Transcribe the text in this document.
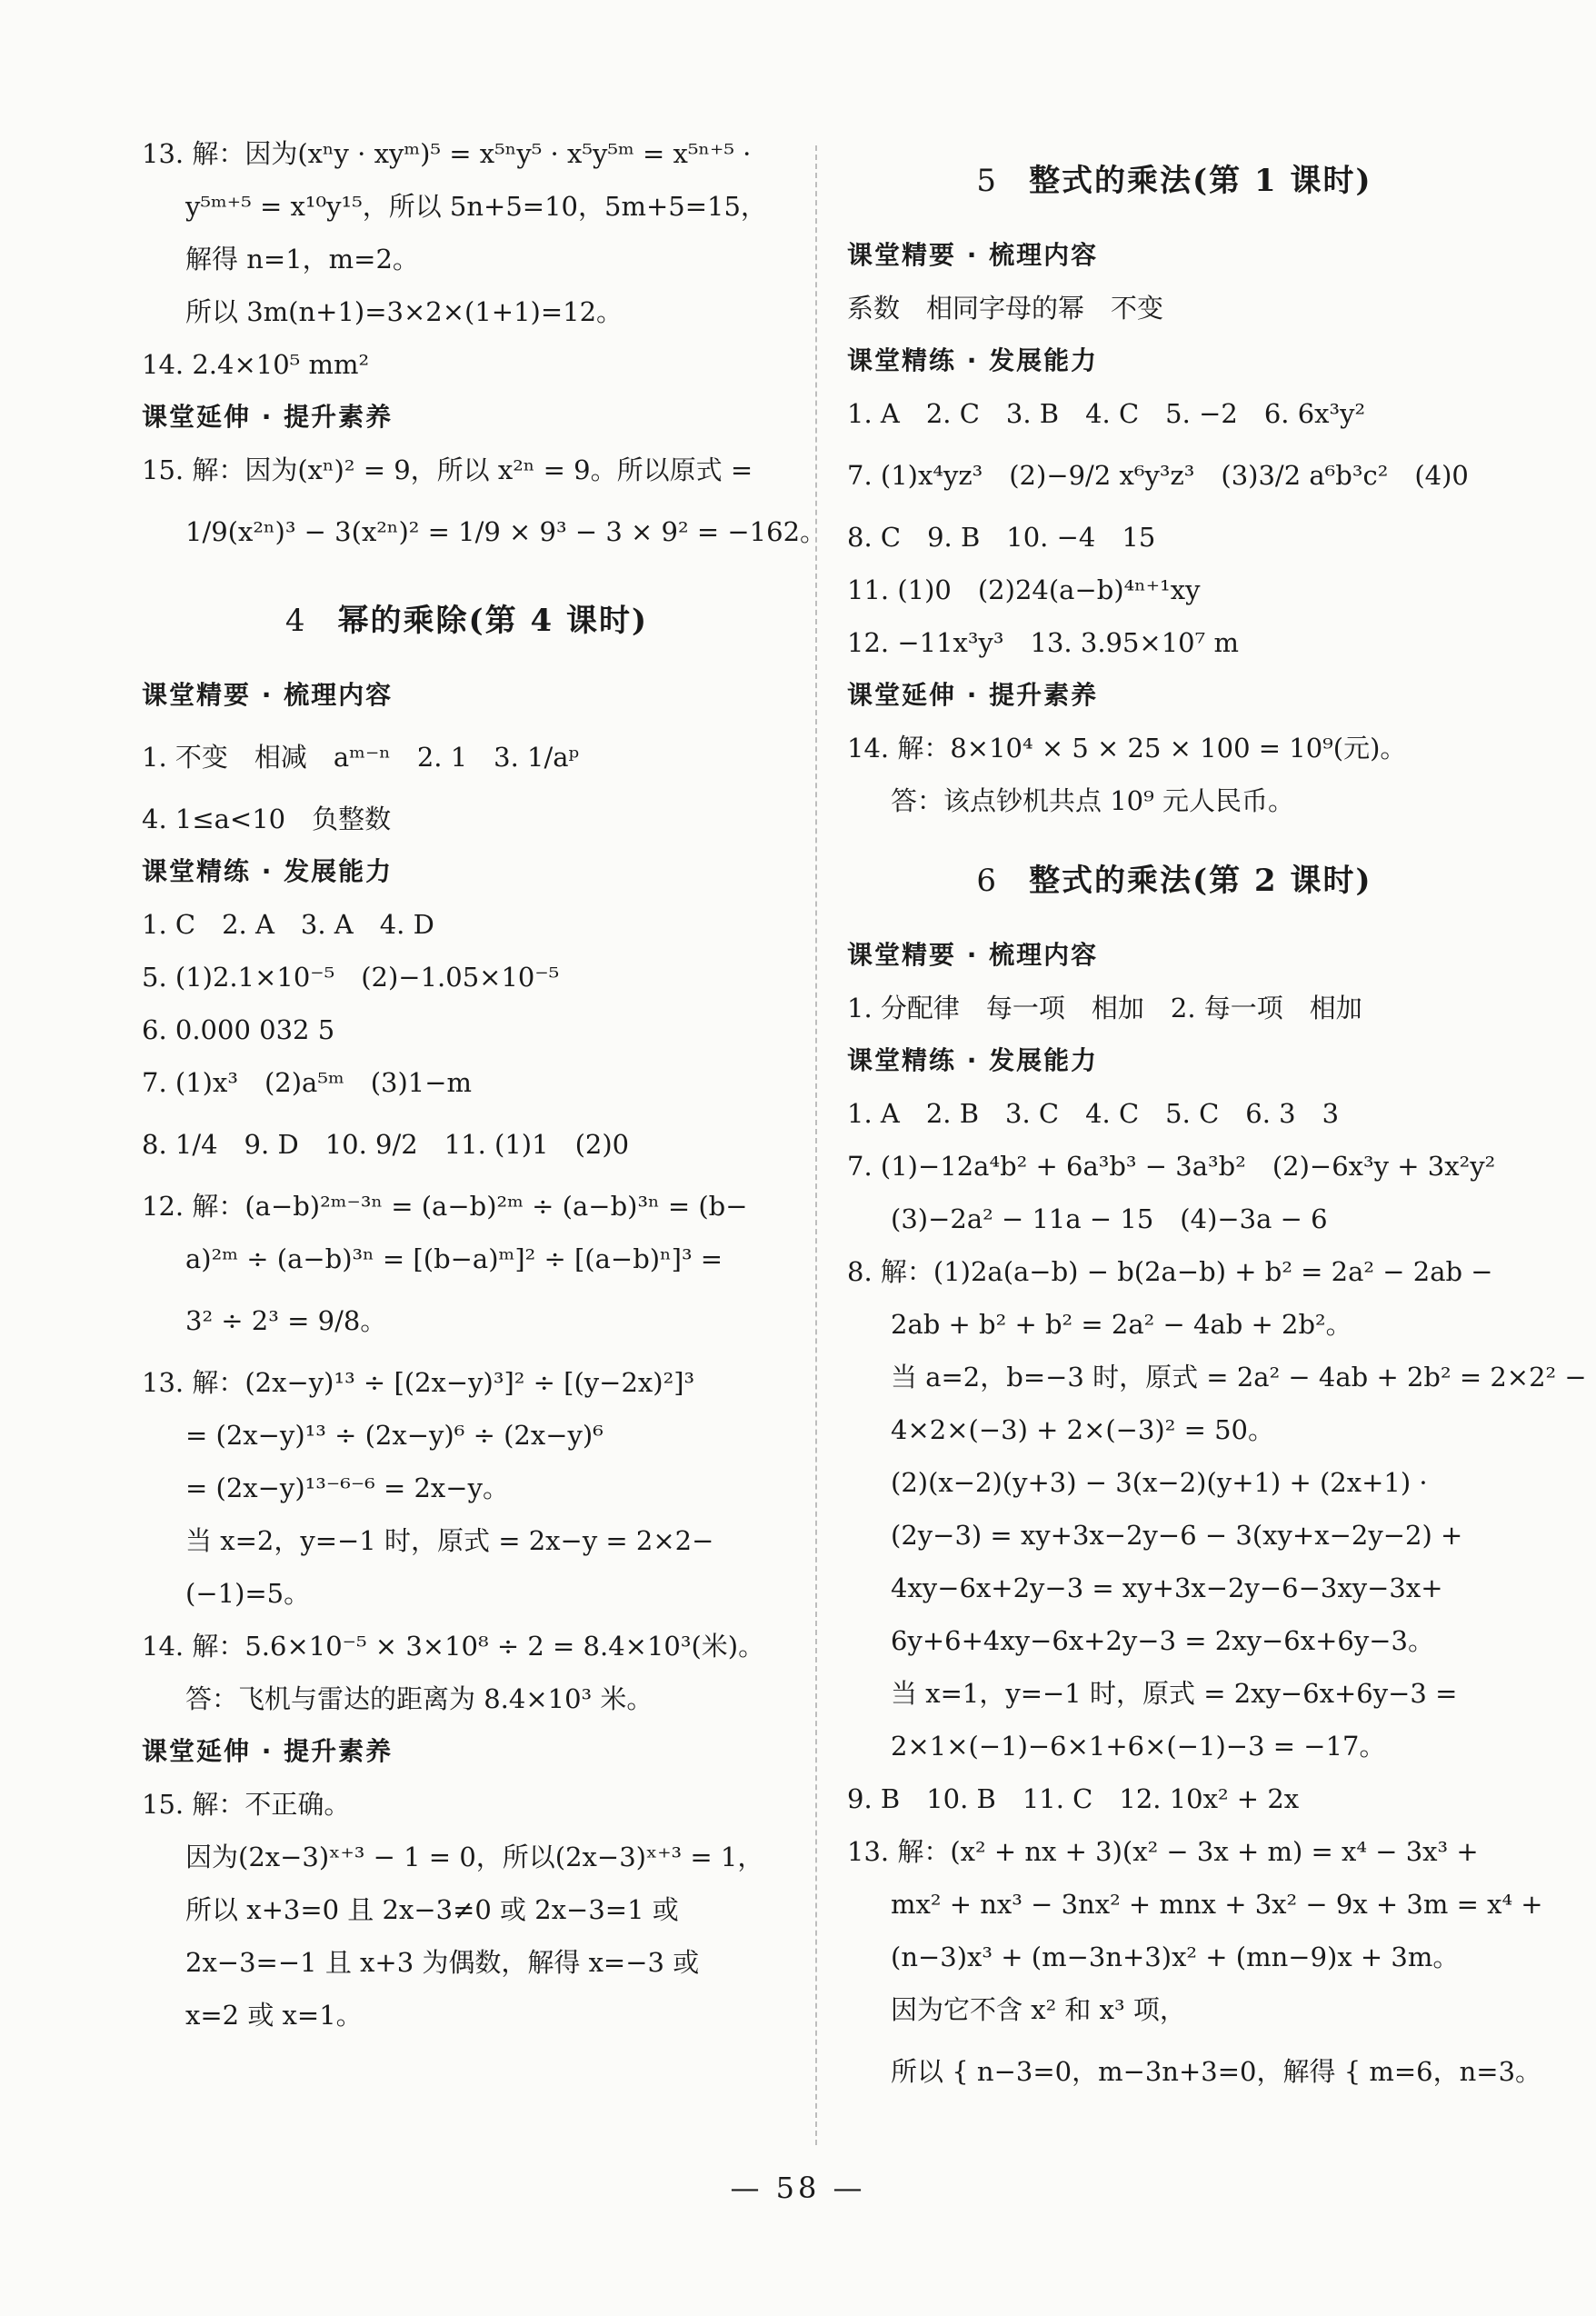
13. 解：因为(xⁿy · xyᵐ)⁵ = x⁵ⁿy⁵ · x⁵y⁵ᵐ = x⁵ⁿ⁺⁵ ·
y⁵ᵐ⁺⁵ = x¹⁰y¹⁵，所以 5n+5=10，5m+5=15，
解得 n=1，m=2。
所以 3m(n+1)=3×2×(1+1)=12。
14. 2.4×10⁵ mm²
课堂延伸 · 提升素养
15. 解：因为(xⁿ)² = 9，所以 x²ⁿ = 9。所以原式 =
1/9(x²ⁿ)³ − 3(x²ⁿ)² = 1/9 × 9³ − 3 × 9² = −162。
4 幂的乘除(第 4 课时)
课堂精要 · 梳理内容
1. 不变　相减　aᵐ⁻ⁿ　2. 1　3. 1/aᵖ
4. 1≤a<10　负整数
课堂精练 · 发展能力
1. C　2. A　3. A　4. D
5. (1)2.1×10⁻⁵　(2)−1.05×10⁻⁵
6. 0.000 032 5
7. (1)x³　(2)a⁵ᵐ　(3)1−m
8. 1/4　9. D　10. 9/2　11. (1)1　(2)0
12. 解：(a−b)²ᵐ⁻³ⁿ = (a−b)²ᵐ ÷ (a−b)³ⁿ = (b−
a)²ᵐ ÷ (a−b)³ⁿ = [(b−a)ᵐ]² ÷ [(a−b)ⁿ]³ =
3² ÷ 2³ = 9/8。
13. 解：(2x−y)¹³ ÷ [(2x−y)³]² ÷ [(y−2x)²]³
= (2x−y)¹³ ÷ (2x−y)⁶ ÷ (2x−y)⁶
= (2x−y)¹³⁻⁶⁻⁶ = 2x−y。
当 x=2，y=−1 时，原式 = 2x−y = 2×2−
(−1)=5。
14. 解：5.6×10⁻⁵ × 3×10⁸ ÷ 2 = 8.4×10³(米)。
答：飞机与雷达的距离为 8.4×10³ 米。
课堂延伸 · 提升素养
15. 解：不正确。
因为(2x−3)ˣ⁺³ − 1 = 0，所以(2x−3)ˣ⁺³ = 1，
所以 x+3=0 且 2x−3≠0 或 2x−3=1 或
2x−3=−1 且 x+3 为偶数，解得 x=−3 或
x=2 或 x=1。
5 整式的乘法(第 1 课时)
课堂精要 · 梳理内容
系数　相同字母的幂　不变
课堂精练 · 发展能力
1. A　2. C　3. B　4. C　5. −2　6. 6x³y²
7. (1)x⁴yz³　(2)−9/2 x⁶y³z³　(3)3/2 a⁶b³c²　(4)0
8. C　9. B　10. −4　15
11. (1)0　(2)24(a−b)⁴ⁿ⁺¹xy
12. −11x³y³　13. 3.95×10⁷ m
课堂延伸 · 提升素养
14. 解：8×10⁴ × 5 × 25 × 100 = 10⁹(元)。
答：该点钞机共点 10⁹ 元人民币。
6 整式的乘法(第 2 课时)
课堂精要 · 梳理内容
1. 分配律　每一项　相加　2. 每一项　相加
课堂精练 · 发展能力
1. A　2. B　3. C　4. C　5. C　6. 3　3
7. (1)−12a⁴b² + 6a³b³ − 3a³b²　(2)−6x³y + 3x²y²
(3)−2a² − 11a − 15　(4)−3a − 6
8. 解：(1)2a(a−b) − b(2a−b) + b² = 2a² − 2ab −
2ab + b² + b² = 2a² − 4ab + 2b²。
当 a=2，b=−3 时，原式 = 2a² − 4ab + 2b² = 2×2² −
4×2×(−3) + 2×(−3)² = 50。
(2)(x−2)(y+3) − 3(x−2)(y+1) + (2x+1) ·
(2y−3) = xy+3x−2y−6 − 3(xy+x−2y−2) +
4xy−6x+2y−3 = xy+3x−2y−6−3xy−3x+
6y+6+4xy−6x+2y−3 = 2xy−6x+6y−3。
当 x=1，y=−1 时，原式 = 2xy−6x+6y−3 =
2×1×(−1)−6×1+6×(−1)−3 = −17。
9. B　10. B　11. C　12. 10x² + 2x
13. 解：(x² + nx + 3)(x² − 3x + m) = x⁴ − 3x³ +
mx² + nx³ − 3nx² + mnx + 3x² − 9x + 3m = x⁴ +
(n−3)x³ + (m−3n+3)x² + (mn−9)x + 3m。
因为它不含 x² 和 x³ 项，
所以 { n−3=0，m−3n+3=0，解得 { m=6，n=3。
— 58 —
